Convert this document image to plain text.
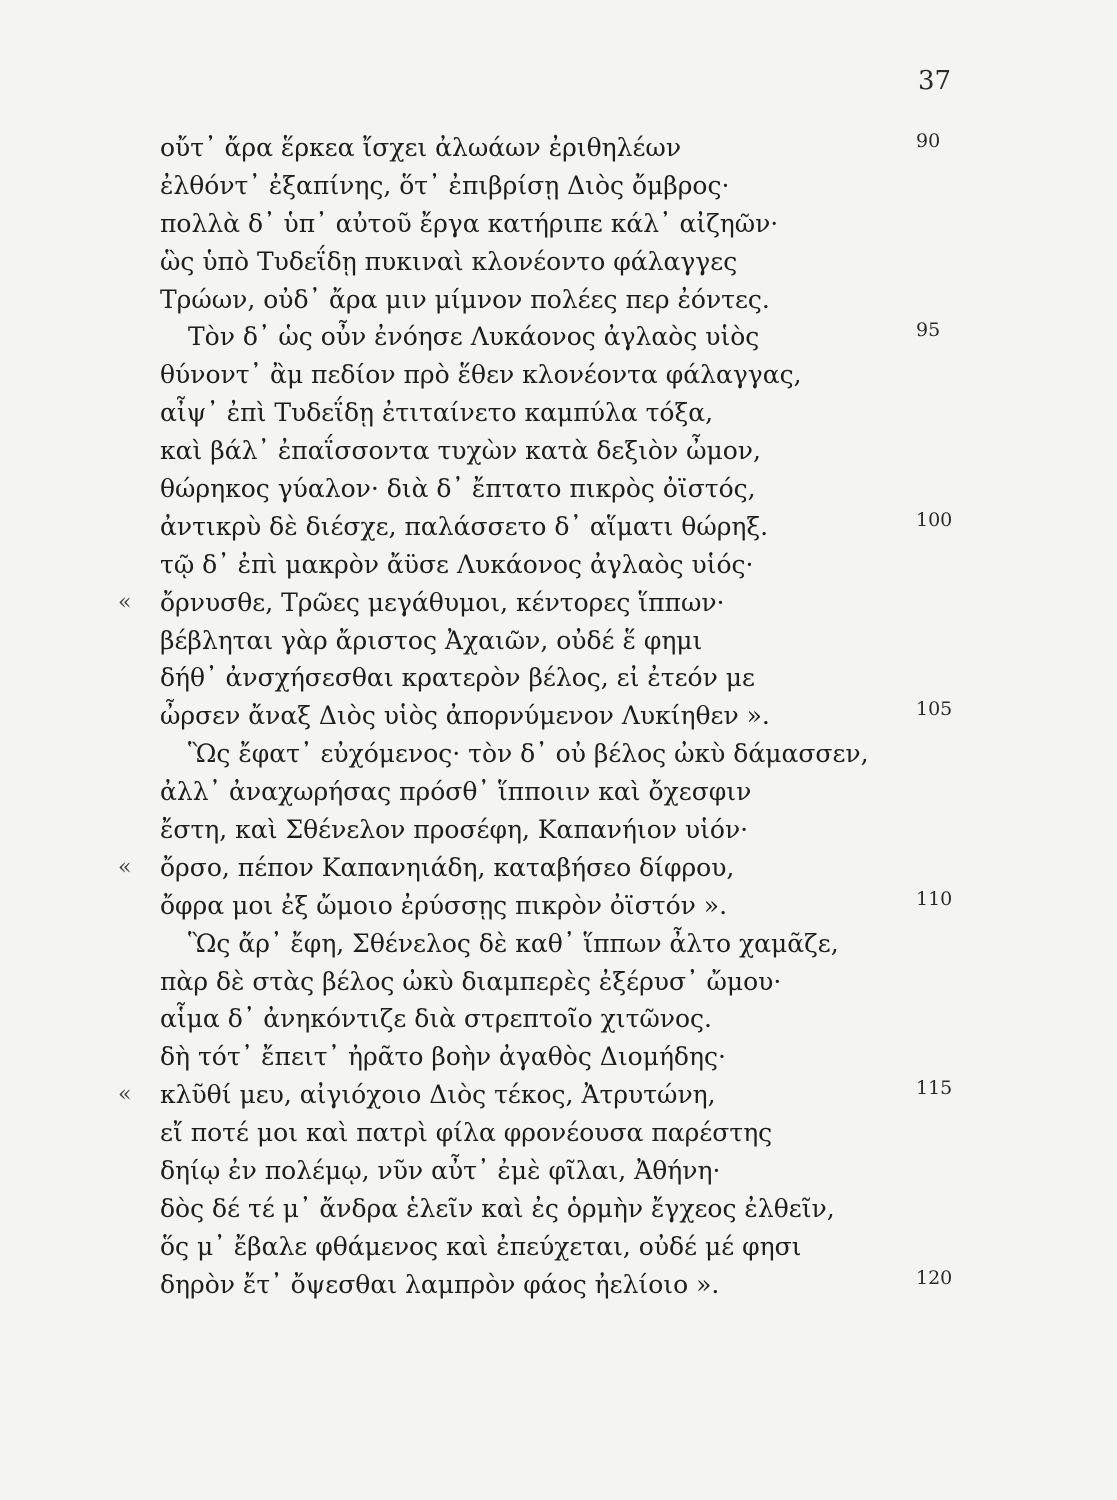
37
οὔτ᾽ ἄρα ἕρκεα ἴσχει ἀλωάων ἐριθηλέων	90
ἐλθόντ᾽ ἐξαπίνης, ὅτ᾽ ἐπιβρίσῃ Διὸς ὄμβρος·
πολλὰ δ᾽ ὑπ᾽ αὐτοῦ ἔργα κατήριπε κάλ᾽ αἰζηῶν·
ὣς ὑπὸ Τυδεΐδῃ πυκιναὶ κλονέοντο φάλαγγες
Τρώων, οὐδ᾽ ἄρα μιν μίμνον πολέες περ ἐόντες.
Τὸν δ᾽ ὡς οὖν ἐνόησε Λυκάονος ἀγλαὸς υἱὸς	95
θύνοντ᾽ ἂμ πεδίον πρὸ ἕθεν κλονέοντα φάλαγγας,
αἶψ᾽ ἐπὶ Τυδεΐδῃ ἐτιταίνετο καμπύλα τόξα,
καὶ βάλ᾽ ἐπαΐσσοντα τυχὼν κατὰ δεξιὸν ὦμον,
θώρηκος γύαλον· διὰ δ᾽ ἔπτατο πικρὸς ὀϊστός,
ἀντικρὺ δὲ διέσχε, παλάσσετο δ᾽ αἵματι θώρηξ.	100
τῷ δ᾽ ἐπὶ μακρὸν ἄϋσε Λυκάονος ἀγλαὸς υἱός·
« ὄρνυσθε, Τρῶες μεγάθυμοι, κέντορες ἵππων·
βέβληται γὰρ ἄριστος Ἀχαιῶν, οὐδέ ἕ φημι
δήθ᾽ ἀνσχήσεσθαι κρατερὸν βέλος, εἰ ἐτεόν με
ὦρσεν ἄναξ Διὸς υἱὸς ἀπορνύμενον Λυκίηθεν ».	105
Ὣς ἔφατ᾽ εὐχόμενος· τὸν δ᾽ οὐ βέλος ὠκὺ δάμασσεν,
ἀλλ᾽ ἀναχωρήσας πρόσθ᾽ ἵπποιιν καὶ ὄχεσφιν
ἔστη, καὶ Σθένελον προσέφη, Καπανήιον υἱόν·
« ὄρσο, πέπον Καπανηιάδη, καταβήσεο δίφρου,
ὄφρα μοι ἐξ ὤμοιο ἐρύσσῃς πικρὸν ὀϊστόν ».	110
Ὣς ἄρ᾽ ἔφη, Σθένελος δὲ καθ᾽ ἵππων ἆλτο χαμᾶζε,
πὰρ δὲ στὰς βέλος ὠκὺ διαμπερὲς ἐξέρυσ᾽ ὤμου·
αἷμα δ᾽ ἀνηκόντιζε διὰ στρεπτοῖο χιτῶνος.
δὴ τότ᾽ ἔπειτ᾽ ἠρᾶτο βοὴν ἀγαθὸς Διομήδης·
« κλῦθί μευ, αἰγιόχοιο Διὸς τέκος, Ἀτρυτώνη,	115
εἴ ποτέ μοι καὶ πατρὶ φίλα φρονέουσα παρέστης
δηίῳ ἐν πολέμῳ, νῦν αὖτ᾽ ἐμὲ φῖλαι, Ἀθήνη·
δὸς δέ τέ μ᾽ ἄνδρα ἑλεῖν καὶ ἐς ὁρμὴν ἔγχεος ἐλθεῖν,
ὅς μ᾽ ἔβαλε φθάμενος καὶ ἐπεύχεται, οὐδέ μέ φησι
δηρὸν ἔτ᾽ ὄψεσθαι λαμπρὸν φάος ἠελίοιο ».	120
